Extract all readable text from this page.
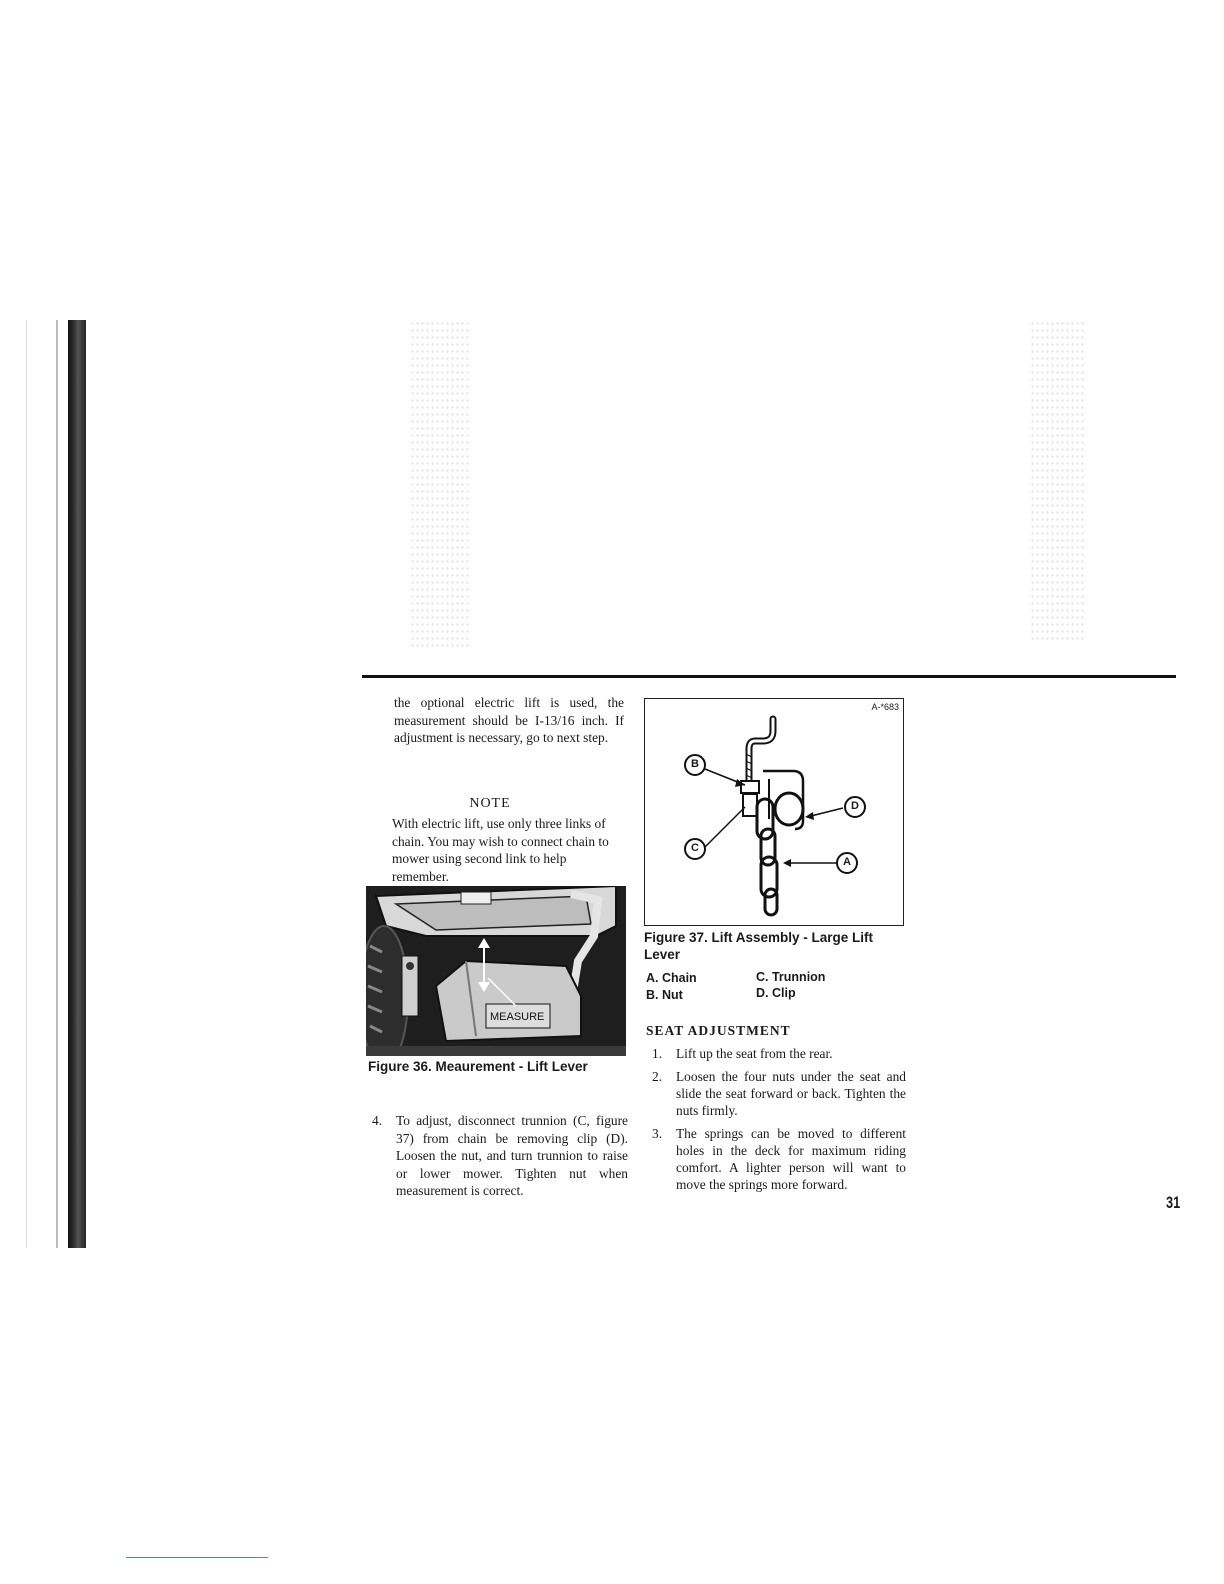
the optional electric lift is used, the measurement should be I-13/16 inch. If adjustment is necessary, go to next step.

NOTE

With electric lift, use only three links of chain. You may wish to connect chain to mower using second link to help remember.

MEASURE
Figure 36. Meaurement - Lift Lever
4. To adjust, disconnect trunnion (C, figure 37) from chain be removing clip (D). Loosen the nut, and turn trunnion to raise or lower mower. Tighten nut when measurement is correct.
A-*683
B
D
C
A
Figure 37. Lift Assembly - Large Lift Lever
A. Chain	C. Trunnion
B. Nut	D. Clip
SEAT ADJUSTMENT
1. Lift up the seat from the rear.
2. Loosen the four nuts under the seat and slide the seat forward or back. Tighten the nuts firmly.
3. The springs can be moved to different holes in the deck for maximum riding comfort. A lighter person will want to move the springs more forward.
31
